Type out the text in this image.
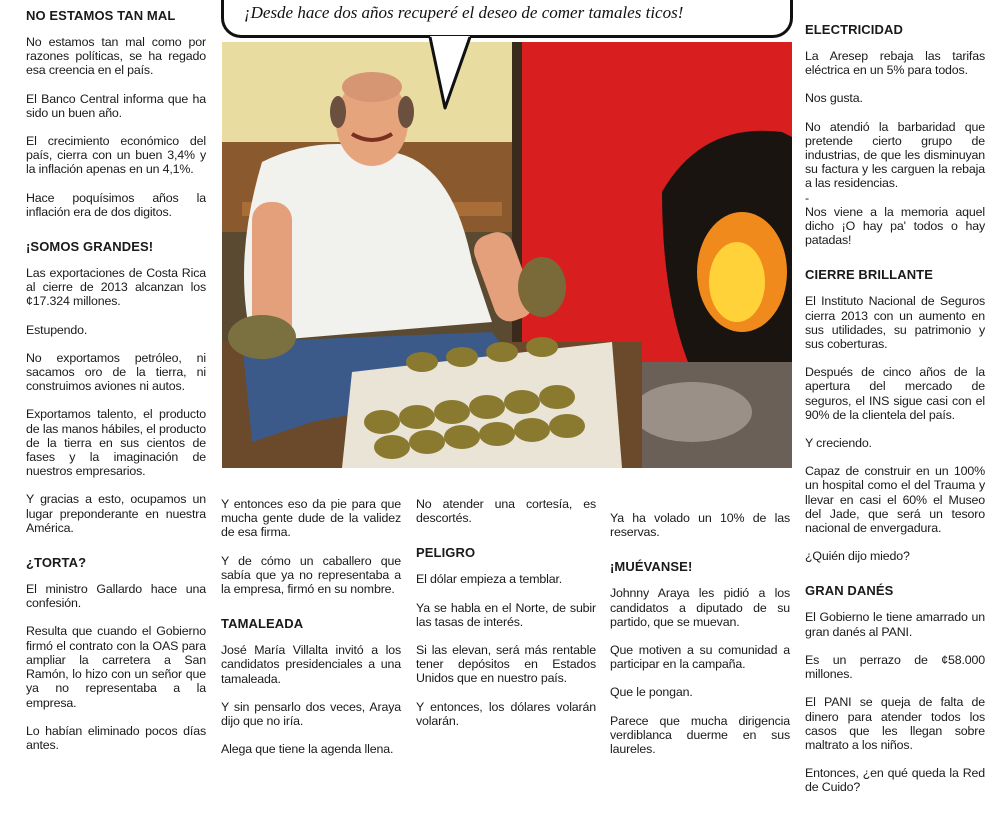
¡Desde hace dos años recuperé el deseo de comer tamales ticos!
NO ESTAMOS TAN MAL

No estamos tan mal como por razones políticas, se ha regado esa creencia en el país.

El Banco Central informa que ha sido un buen año.

El crecimiento económico del país, cierra con un buen 3,4% y la inflación apenas en un 4,1%.

Hace poquísimos años la inflación era de dos digitos.

¡SOMOS GRANDES!

Las exportaciones de Costa Rica al cierre de 2013 alcanzan los ¢17.324 millones.

Estupendo.

No exportamos petróleo, ni sacamos oro de la tierra, ni construimos aviones ni autos.

Exportamos talento, el producto de las manos hábiles, el producto de la tierra en sus cientos de fases y la imaginación de nuestros empresarios.

Y gracias a esto, ocupamos un lugar preponderante en nuestra América.

¿TORTA?

El ministro Gallardo hace una confesión.

Resulta que cuando el Gobierno firmó el contrato con la OAS para ampliar la carretera a San Ramón, lo hizo con un señor que ya no representaba a la empresa.

Lo habían eliminado pocos días antes.

Y entonces eso da pie para que mucha gente dude de la validez de esa firma.

Y de cómo un caballero que sabía que ya no representaba a la empresa, firmó en su nombre.

TAMALEADA

José María Villalta invitó a los candidatos presidenciales a una tamaleada.

Y sin pensarlo dos veces, Araya dijo que no iría.

Alega que tiene la agenda llena.

No atender una cortesía, es descortés.

PELIGRO

El dólar empieza a temblar.

Ya se habla en el Norte, de subir las tasas de interés.

Si las elevan, será más rentable tener depósitos en Estados Unidos que en nuestro país.

Y entonces, los dólares volarán volarán.

Ya ha volado un 10% de las reservas.

¡MUÉVANSE!

Johnny Araya les pidió a los candidatos a diputado de su partido, que se muevan.

Que motiven a su comunidad a participar en la campaña.

Que le pongan.

Parece que mucha dirigencia verdiblanca duerme en sus laureles.

ELECTRICIDAD

La Aresep rebaja las tarifas eléctrica en un 5% para todos.

Nos gusta.

No atendió la barbaridad que pretende cierto grupo de industrias, de que les disminuyan su factura y les carguen la rebaja a las residencias.
-
Nos viene a la memoria aquel dicho ¡O hay pa' todos o hay patadas!

CIERRE BRILLANTE

El Instituto Nacional de Seguros cierra 2013 con un aumento en sus utilidades, su patrimonio y sus coberturas.

Después de cinco años de la apertura del mercado de seguros, el INS sigue casi con el 90% de la clientela del país.

Y creciendo.

Capaz de construir en un 100% un hospital como el del Trauma y llevar en casi el 60% el Museo del Jade, que será un tesoro nacional de envergadura.

¿Quién dijo miedo?

GRAN DANÉS

El Gobierno le tiene amarrado un gran danés al PANI.

Es un perrazo de ¢58.000 millones.

El PANI se queja de falta de dinero para atender todos los casos que les llegan sobre maltrato a los niños.

Entonces, ¿en qué queda la Red de Cuido?
